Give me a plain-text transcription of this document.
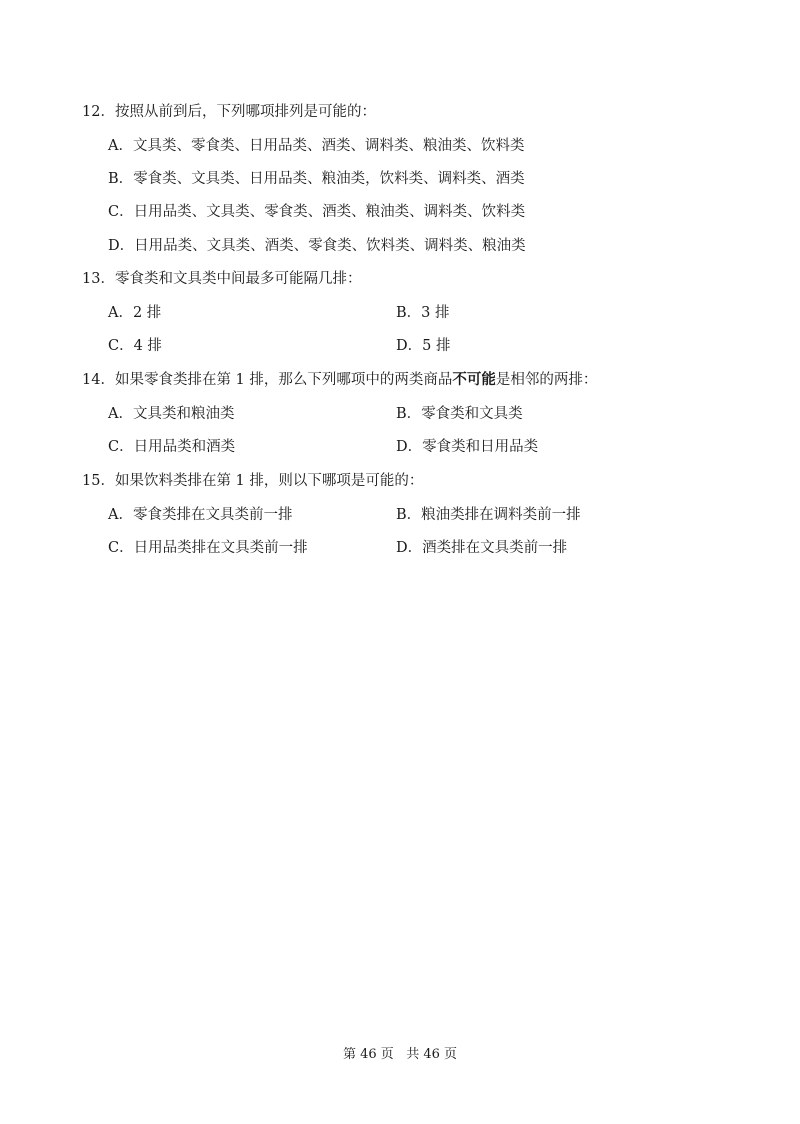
12．按照从前到后，下列哪项排列是可能的：
A．文具类、零食类、日用品类、酒类、调料类、粮油类、饮料类
B．零食类、文具类、日用品类、粮油类，饮料类、调料类、酒类
C．日用品类、文具类、零食类、酒类、粮油类、调料类、饮料类
D．日用品类、文具类、酒类、零食类、饮料类、调料类、粮油类
13．零食类和文具类中间最多可能隔几排：
A．2 排	B．3 排
C．4 排	D．5 排
14．如果零食类排在第 1 排，那么下列哪项中的两类商品不可能是相邻的两排：
A．文具类和粮油类	B．零食类和文具类
C．日用品类和酒类	D．零食类和日用品类
15．如果饮料类排在第 1 排，则以下哪项是可能的：
A．零食类排在文具类前一排	B．粮油类排在调料类前一排
C．日用品类排在文具类前一排	D．酒类排在文具类前一排
第 46 页   共 46 页
